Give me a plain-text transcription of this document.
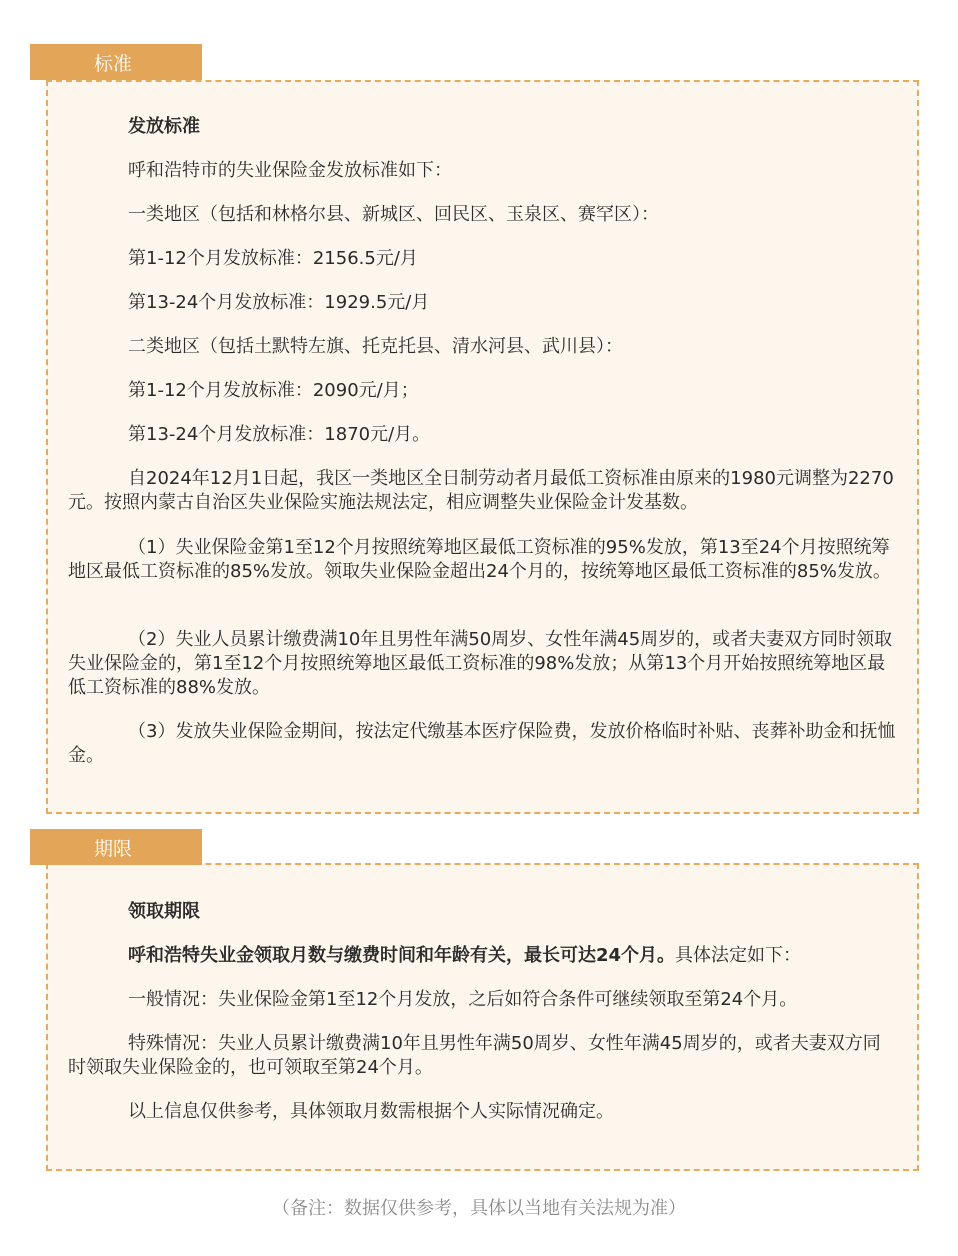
发放标准

呼和浩特市的失业保险金发放标准如下：

一类地区（包括和林格尔县、新城区、回民区、玉泉区、赛罕区）：

第1-12个月发放标准：2156.5元/月

第13-24个月发放标准：1929.5元/月

二类地区（包括土默特左旗、托克托县、清水河县、武川县）：

第1-12个月发放标准：2090元/月；

第13-24个月发放标准：1870元/月。

自2024年12月1日起，我区一类地区全日制劳动者月最低工资标准由原来的1980元调整为2270元。按照内蒙古自治区失业保险实施法规法定，相应调整失业保险金计发基数。

（1）失业保险金第1至12个月按照统筹地区最低工资标准的95%发放，第13至24个月按照统筹地区最低工资标准的85%发放。领取失业保险金超出24个月的，按统筹地区最低工资标准的85%发放。

（2）失业人员累计缴费满10年且男性年满50周岁、女性年满45周岁的，或者夫妻双方同时领取失业保险金的，第1至12个月按照统筹地区最低工资标准的98%发放；从第13个月开始按照统筹地区最低工资标准的88%发放。

（3）发放失业保险金期间，按法定代缴基本医疗保险费，发放价格临时补贴、丧葬补助金和抚恤金。

标准

领取期限

呼和浩特失业金领取月数与缴费时间和年龄有关，最长可达24个月。具体法定如下：

一般情况：失业保险金第1至12个月发放，之后如符合条件可继续领取至第24个月。

特殊情况：失业人员累计缴费满10年且男性年满50周岁、女性年满45周岁的，或者夫妻双方同时领取失业保险金的，也可领取至第24个月。

以上信息仅供参考，具体领取月数需根据个人实际情况确定。

期限
（备注：数据仅供参考，具体以当地有关法规为准）
